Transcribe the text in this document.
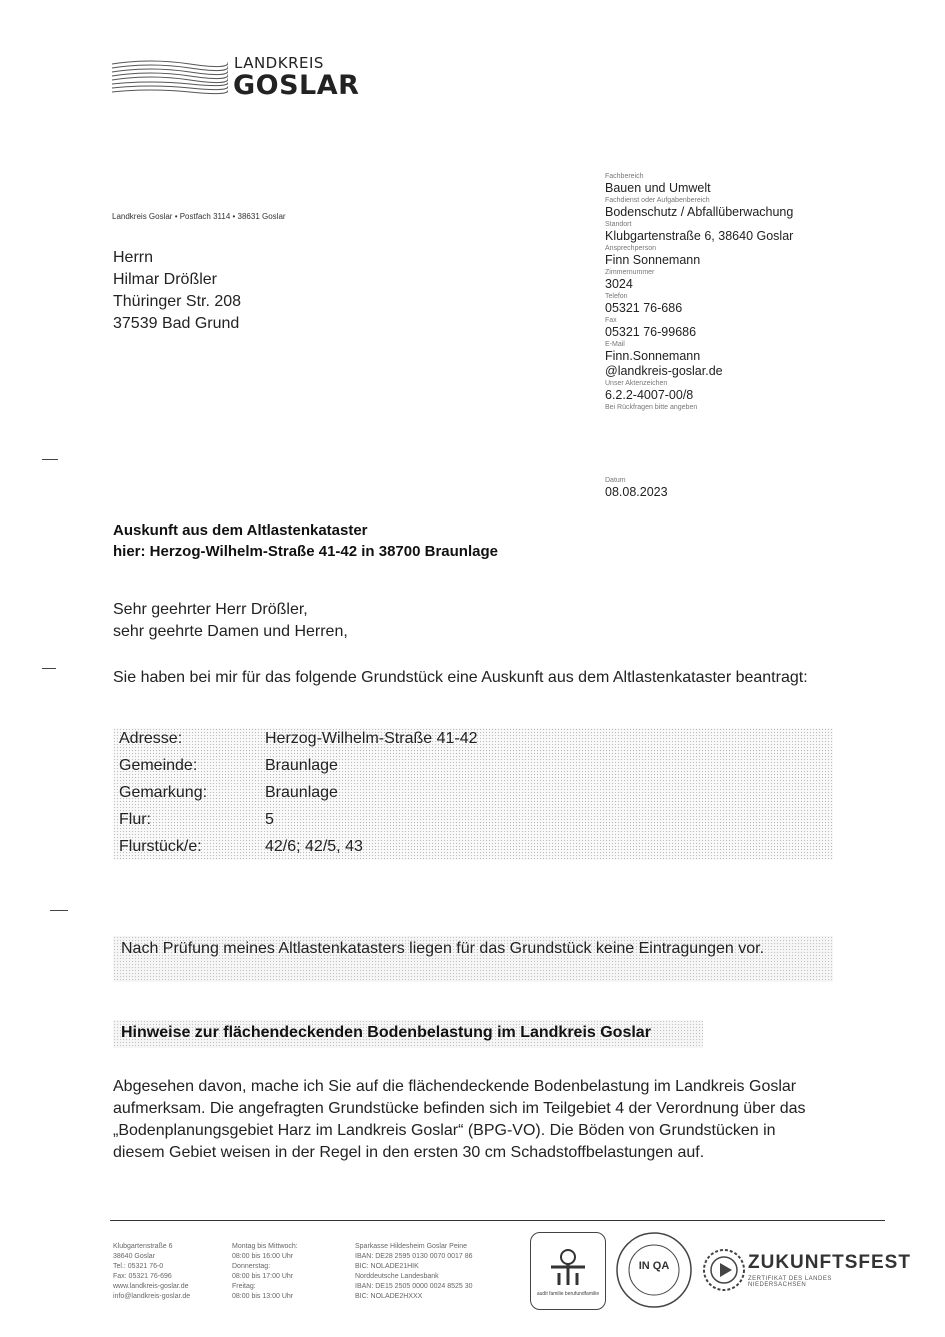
LANDKREIS
GOSLAR
Landkreis Goslar • Postfach 3114 • 38631 Goslar
Herrn
Hilmar Drößler
Thüringer Str. 208
37539 Bad Grund
Fachbereich
Bauen und Umwelt
Fachdienst oder Aufgabenbereich
Bodenschutz / Abfallüberwachung
Standort
Klubgartenstraße 6, 38640 Goslar
Ansprechperson
Finn Sonnemann
Zimmernummer
3024
Telefon
05321 76-686
Fax
05321 76-99686
E-Mail
Finn.Sonnemann
@landkreis-goslar.de
Unser Aktenzeichen
6.2.2-4007-00/8
Bei Rückfragen bitte angeben
Datum
08.08.2023
Auskunft aus dem Altlastenkataster
hier: Herzog-Wilhelm-Straße 41-42 in 38700 Braunlage
Sehr geehrter Herr Drößler,
sehr geehrte Damen und Herren,
Sie haben bei mir für das folgende Grundstück eine Auskunft aus dem Altlastenkataster beantragt:
Adresse:	Herzog-Wilhelm-Straße 41-42
Gemeinde:	Braunlage
Gemarkung:	Braunlage
Flur:	5
Flurstück/e:	42/6; 42/5, 43
Nach Prüfung meines Altlastenkatasters liegen für das Grundstück keine Eintragungen vor.
Hinweise zur flächendeckenden Bodenbelastung im Landkreis Goslar
Abgesehen davon, mache ich Sie auf die flächendeckende Bodenbelastung im Landkreis Goslar aufmerksam. Die angefragten Grundstücke befinden sich im Teilgebiet 4 der Verordnung über das „Bodenplanungsgebiet Harz im Landkreis Goslar“ (BPG-VO). Die Böden von Grundstücken in diesem Gebiet weisen in der Regel in den ersten 30 cm Schadstoffbelastungen auf.
Klubgartenstraße 6
38640 Goslar
Tel.: 05321 76-0
Fax: 05321 76-696
www.landkreis-goslar.de
info@landkreis-goslar.de
Montag bis Mittwoch:
08:00 bis 16:00 Uhr
Donnerstag:
08:00 bis 17:00 Uhr
Freitag:
08:00 bis 13:00 Uhr
Sparkasse Hildesheim Goslar Peine
IBAN: DE28 2595 0130 0070 0017 86
BIC: NOLADE21HIK
Norddeutsche Landesbank
IBAN: DE15 2505 0000 0024 8525 30
BIC: NOLADE2HXXX	audit familie berufundfamilie
IN QA	ZUKUNFTSFEST
ZERTIFIKAT DES LANDES NIEDERSACHSEN
